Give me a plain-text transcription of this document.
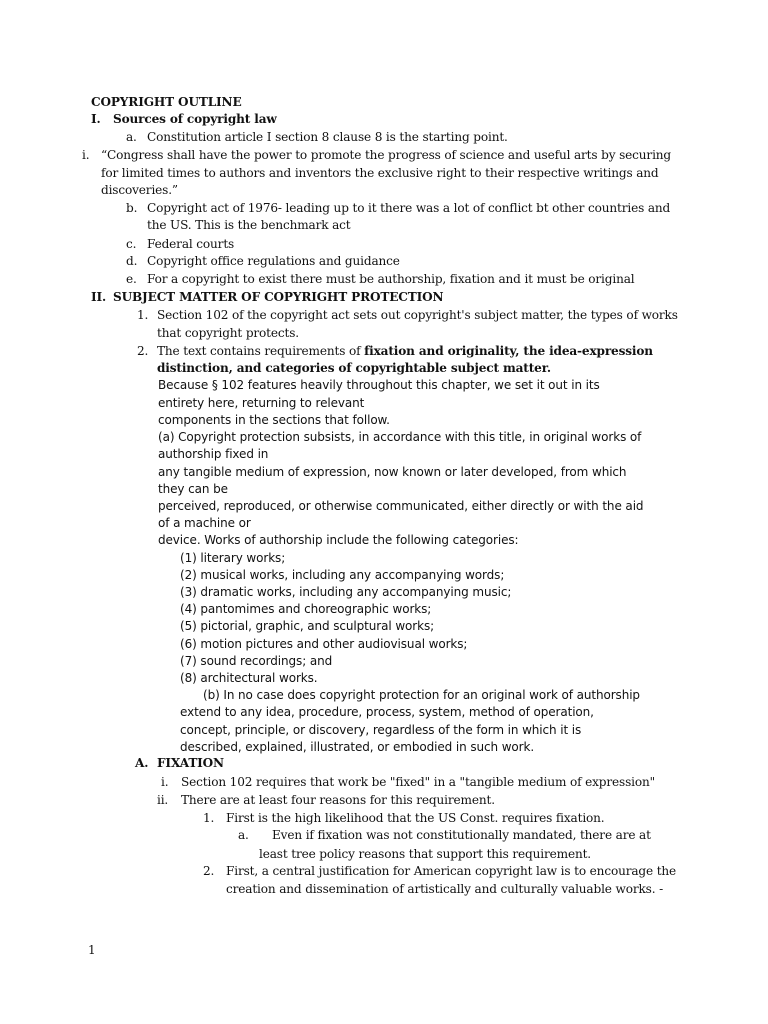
COPYRIGHT OUTLINE
I. Sources of copyright law
a. Constitution article I section 8 clause 8 is the starting point.
i. “Congress shall have the power to promote the progress of science and useful arts by securing
for limited times to authors and inventors the exclusive right to their respective writings and
discoveries.”
b. Copyright act of 1976- leading up to it there was a lot of conflict bt other countries and
the US. This is the benchmark act
c. Federal courts
d. Copyright office regulations and guidance
e. For a copyright to exist there must be authorship, fixation and it must be original
II. SUBJECT MATTER OF COPYRIGHT PROTECTION
1. Section 102 of the copyright act sets out copyright's subject matter, the types of works
that copyright protects.
2. The text contains requirements of fixation and originality, the idea-expression
distinction, and categories of copyrightable subject matter.
Because § 102 features heavily throughout this chapter, we set it out in its
entirety here, returning to relevant
components in the sections that follow.
(a) Copyright protection subsists, in accordance with this title, in original works of
authorship fixed in
any tangible medium of expression, now known or later developed, from which
they can be
perceived, reproduced, or otherwise communicated, either directly or with the aid
of a machine or
device. Works of authorship include the following categories:
(1) literary works;
(2) musical works, including any accompanying words;
(3) dramatic works, including any accompanying music;
(4) pantomimes and choreographic works;
(5) pictorial, graphic, and sculptural works;
(6) motion pictures and other audiovisual works;
(7) sound recordings; and
(8) architectural works.
(b) In no case does copyright protection for an original work of authorship
extend to any idea, procedure, process, system, method of operation,
concept, principle, or discovery, regardless of the form in which it is
described, explained, illustrated, or embodied in such work.
A. FIXATION
i. Section 102 requires that work be "fixed" in a "tangible medium of expression"
ii. There are at least four reasons for this requirement.
1. First is the high likelihood that the US Const. requires fixation.
a. Even if fixation was not constitutionally mandated, there are at
least tree policy reasons that support this requirement.
2. First, a central justification for American copyright law is to encourage the
creation and dissemination of artistically and culturally valuable works. -
1
